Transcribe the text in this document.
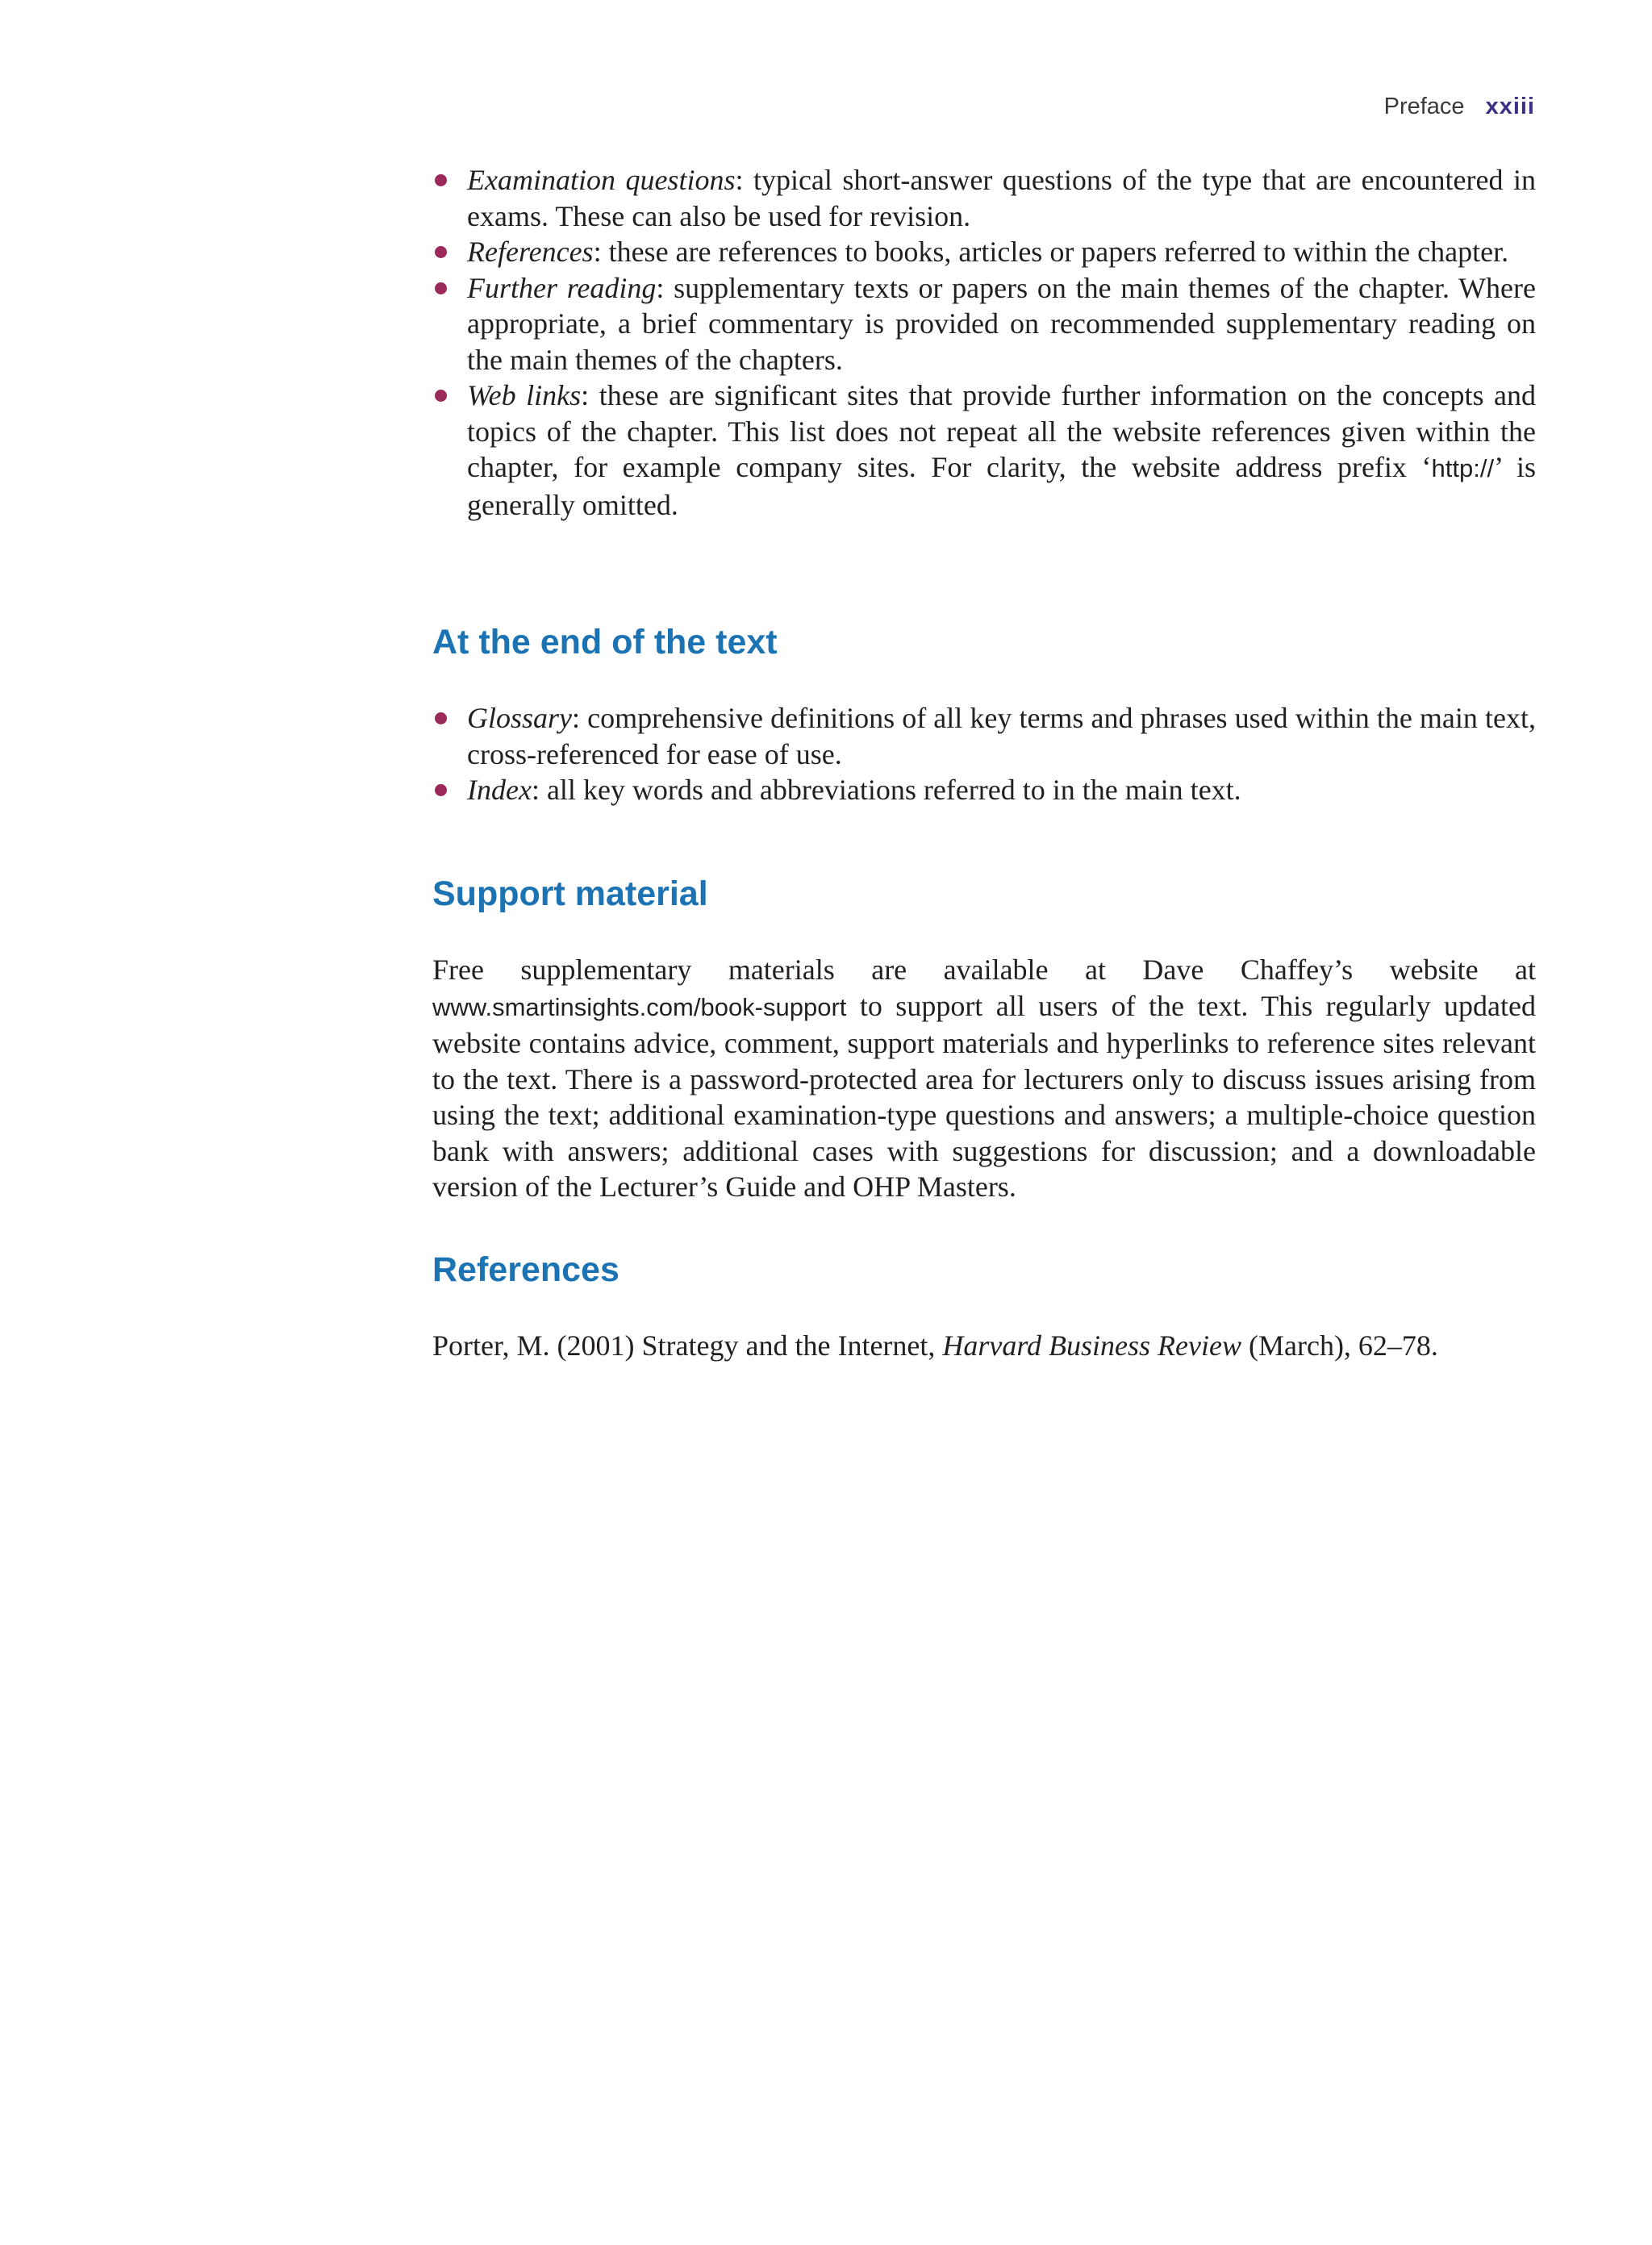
Preface xxiii
Examination questions: typical short-answer questions of the type that are encountered in exams. These can also be used for revision.
References: these are references to books, articles or papers referred to within the chapter.
Further reading: supplementary texts or papers on the main themes of the chapter. Where appropriate, a brief commentary is provided on recommended supplementary reading on the main themes of the chapters.
Web links: these are significant sites that provide further information on the concepts and topics of the chapter. This list does not repeat all the website references given within the chapter, for example company sites. For clarity, the website address prefix ‘http://’ is generally omitted.
At the end of the text
Glossary: comprehensive definitions of all key terms and phrases used within the main text, cross-referenced for ease of use.
Index: all key words and abbreviations referred to in the main text.
Support material

Free supplementary materials are available at Dave Chaffey’s website at www.smartinsights.com/book-support to support all users of the text. This regularly updated website contains advice, comment, support materials and hyperlinks to reference sites relevant to the text. There is a password-protected area for lecturers only to discuss issues arising from using the text; additional examination-type questions and answers; a multiple-choice question bank with answers; additional cases with suggestions for discussion; and a downloadable version of the Lecturer’s Guide and OHP Masters.

References

Porter, M. (2001) Strategy and the Internet, Harvard Business Review (March), 62–78.
